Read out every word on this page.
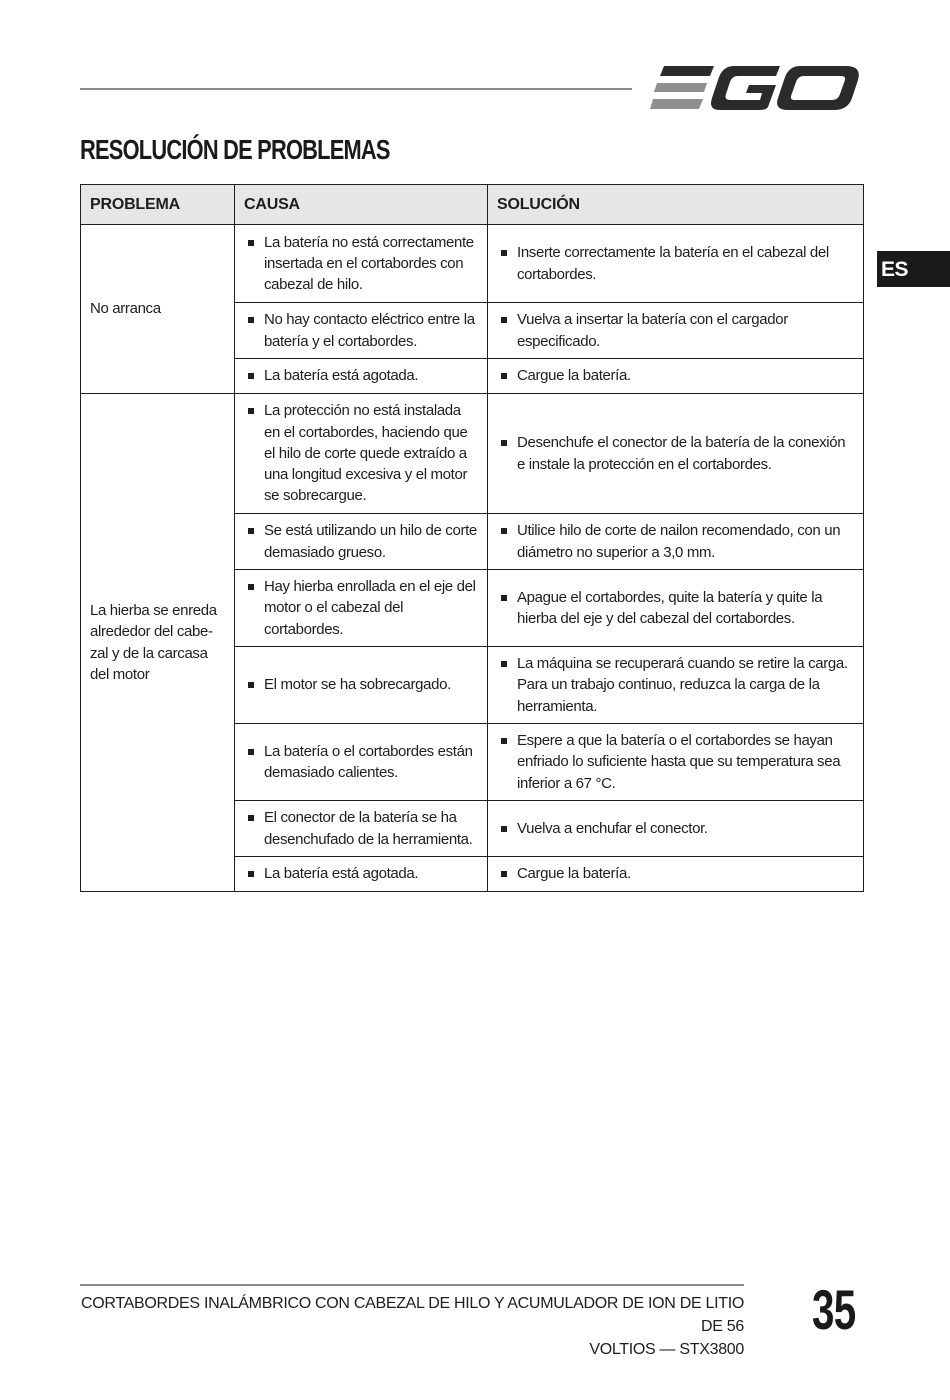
RESOLUCIÓN DE PROBLEMAS
ES
PROBLEMA	CAUSA	SOLUCIÓN
No arranca	La batería no está correctamente insertada en el cortabordes con cabezal de hilo.	Inserte correctamente la batería en el cabezal del cortabordes.

	No hay contacto eléctrico entre la batería y el cortabordes.	Vuelva a insertar la batería con el cargador especificado.

	La batería está agotada.	Cargue la batería.

La hierba se enreda alrededor del cabe-zal y de la carcasa del motor	La protección no está instalada en el cortabordes, haciendo que el hilo de corte quede extraído a una longitud excesiva y el motor se sobrecargue.	Desenchufe el conector de la batería de la conexión e instale la protección en el cortabordes.

	Se está utilizando un hilo de corte demasiado grueso.	Utilice hilo de corte de nailon recomendado, con un diámetro no superior a 3,0 mm.

	Hay hierba enrollada en el eje del motor o el cabezal del cortabordes.	Apague el cortabordes, quite la batería y quite la hierba del eje y del cabezal del cortabordes.

	El motor se ha sobrecargado.	La máquina se recuperará cuando se retire la carga. Para un trabajo continuo, reduzca la carga de la herramienta.

	La batería o el cortabordes están demasiado calientes.	Espere a que la batería o el cortabordes se hayan enfriado lo suficiente hasta que su temperatura sea inferior a 67 °C.

	El conector de la batería se ha desenchufado de la herramienta.	Vuelva a enchufar el conector.

	La batería está agotada.	Cargue la batería.
CORTABORDES INALÁMBRICO CON CABEZAL DE HILO Y ACUMULADOR DE ION DE LITIO DE 56
VOLTIOS — STX3800
35
